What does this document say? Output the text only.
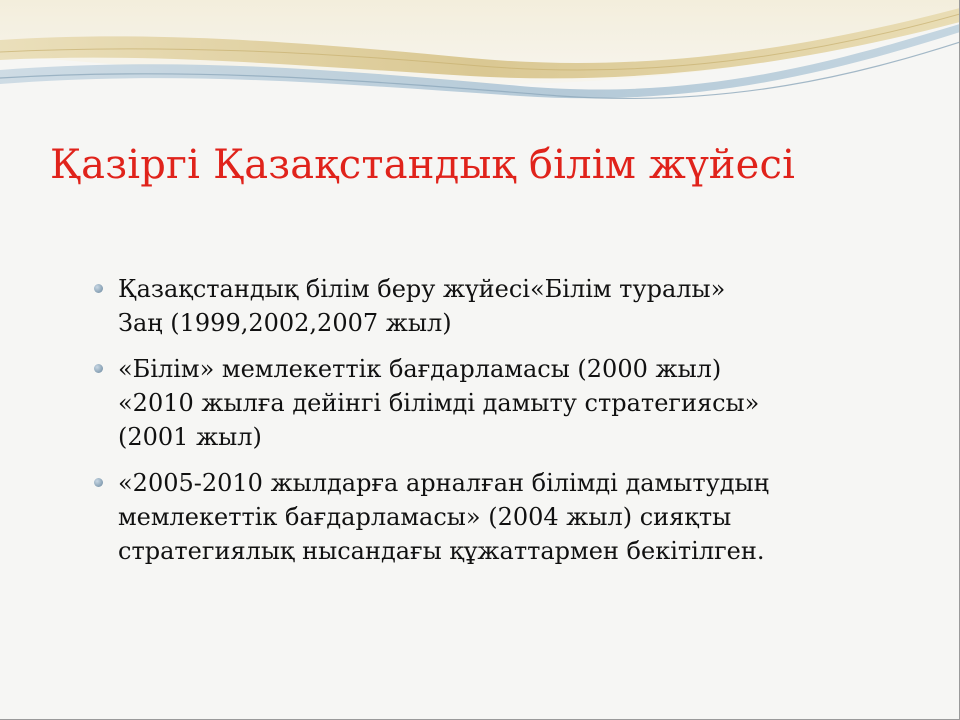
Қазіргі Қазақстандық білім жүйесі
Қазақстандық білім беру жүйесі«Білім туралы»
Заң (1999,2002,2007 жыл)
«Білім» мемлекеттік бағдарламасы (2000 жыл)
«2010 жылға дейінгі білімді дамыту стратегиясы»
(2001 жыл)
«2005-2010 жылдарға арналған білімді дамытудың
мемлекеттік бағдарламасы» (2004 жыл) сияқты
стратегиялық нысандағы құжаттармен бекітілген.
